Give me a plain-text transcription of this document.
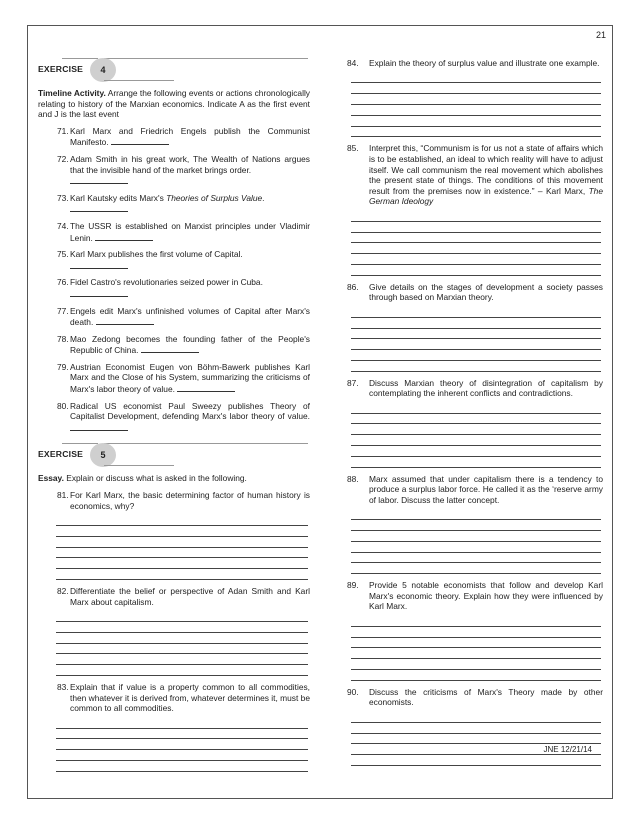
21
EXERCISE	4
Timeline Activity. Arrange the following events or actions chronologically relating to history of the Marxian economics. Indicate A as the first event and J is the last event
71. Karl Marx and Friedrich Engels publish the Communist Manifesto.
72. Adam Smith in his great work, The Wealth of Nations argues that the invisible hand of the market brings order.

73. Karl Kautsky edits Marx's Theories of Surplus Value.

74. The USSR is established on Marxist principles under Vladimir Lenin.
75. Karl Marx publishes the first volume of Capital.

76. Fidel Castro's revolutionaries seized power in Cuba.

77. Engels edit Marx's unfinished volumes of Capital after Marx's death.
78. Mao Zedong becomes the founding father of the People's Republic of China.
79. Austrian Economist Eugen von Böhm-Bawerk publishes Karl Marx and the Close of his System, summarizing the criticisms of Marx's labor theory of value.
80. Radical US economist Paul Sweezy publishes Theory of Capitalist Development, defending Marx's labor theory of value.
EXERCISE	5
Essay. Explain or discuss what is asked in the following.
81. For Karl Marx, the basic determining factor of human history is economics, why?
82. Differentiate the belief or perspective of Adan Smith and Karl Marx about capitalism.
83. Explain that if value is a property common to all commodities, then whatever it is derived from, whatever determines it, must be common to all commodities.
84. Explain the theory of surplus value and illustrate one example.
85. Interpret this, “Communism is for us not a state of affairs which is to be established, an ideal to which reality will have to adjust itself. We call communism the real movement which abolishes the present state of things. The conditions of this movement result from the premises now in existence.” – Karl Marx, The German Ideology
86. Give details on the stages of development a society passes through based on Marxian theory.
87. Discuss Marxian theory of disintegration of capitalism by contemplating the inherent conflicts and contradictions.
88. Marx assumed that under capitalism there is a tendency to produce a surplus labor force. He called it as the ‘reserve army of labor. Discuss the latter concept.
89. Provide 5 notable economists that follow and develop Karl Marx's economic theory. Explain how they were influenced by Karl Marx.
90. Discuss the criticisms of Marx's Theory made by other economists.
JNE 12/21/14
